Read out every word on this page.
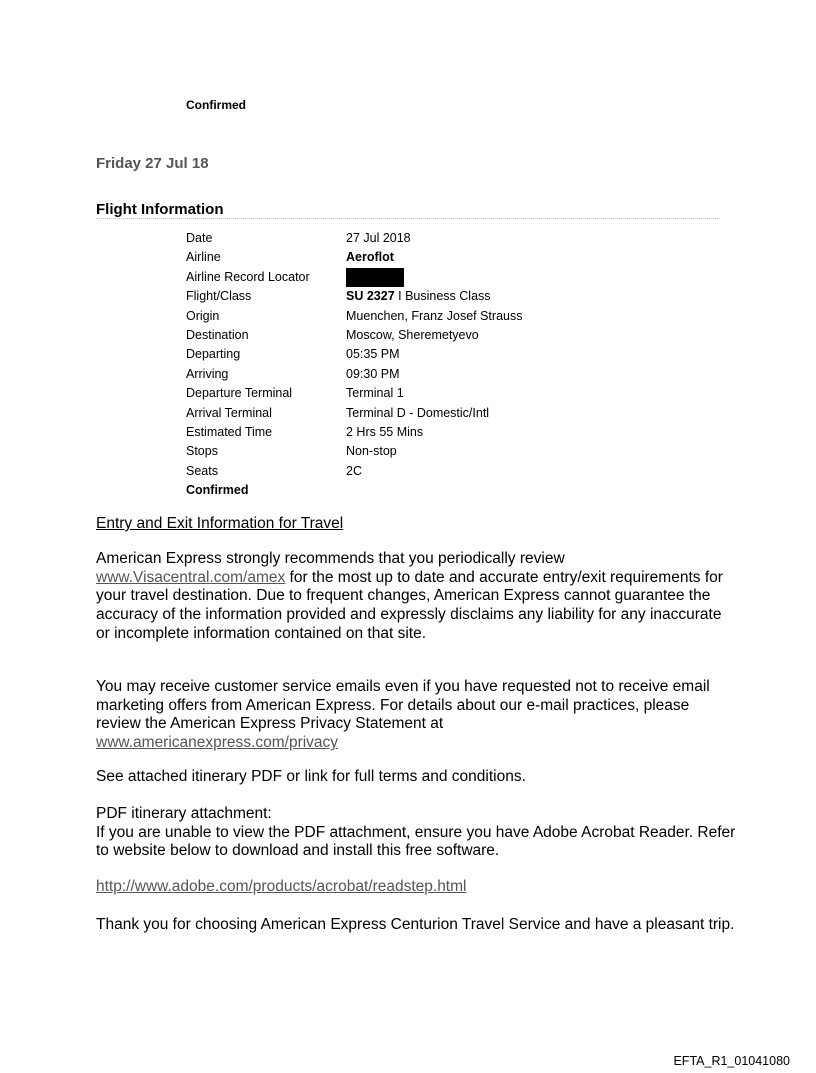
Confirmed
Friday 27 Jul 18
Flight Information
Date	27 Jul 2018
Airline	Aeroflot
Airline Record Locator	
Flight/Class	SU 2327 I Business Class
Origin	Muenchen, Franz Josef Strauss
Destination	Moscow, Sheremetyevo
Departing	05:35 PM
Arriving	09:30 PM
Departure Terminal	Terminal 1
Arrival Terminal	Terminal D - Domestic/Intl
Estimated Time	2 Hrs 55 Mins
Stops	Non-stop
Seats	2C
Confirmed	
Entry and Exit Information for Travel
American Express strongly recommends that you periodically review www.Visacentral.com/amex for the most up to date and accurate entry/exit requirements for your travel destination. Due to frequent changes, American Express cannot guarantee the accuracy of the information provided and expressly disclaims any liability for any inaccurate or incomplete information contained on that site.
You may receive customer service emails even if you have requested not to receive email marketing offers from American Express. For details about our e-mail practices, please review the American Express Privacy Statement at
www.americanexpress.com/privacy
See attached itinerary PDF or link for full terms and conditions.
PDF itinerary attachment:
If you are unable to view the PDF attachment, ensure you have Adobe Acrobat Reader. Refer to website below to download and install this free software.
http://www.adobe.com/products/acrobat/readstep.html
Thank you for choosing American Express Centurion Travel Service and have a pleasant trip.
EFTA_R1_01041080
